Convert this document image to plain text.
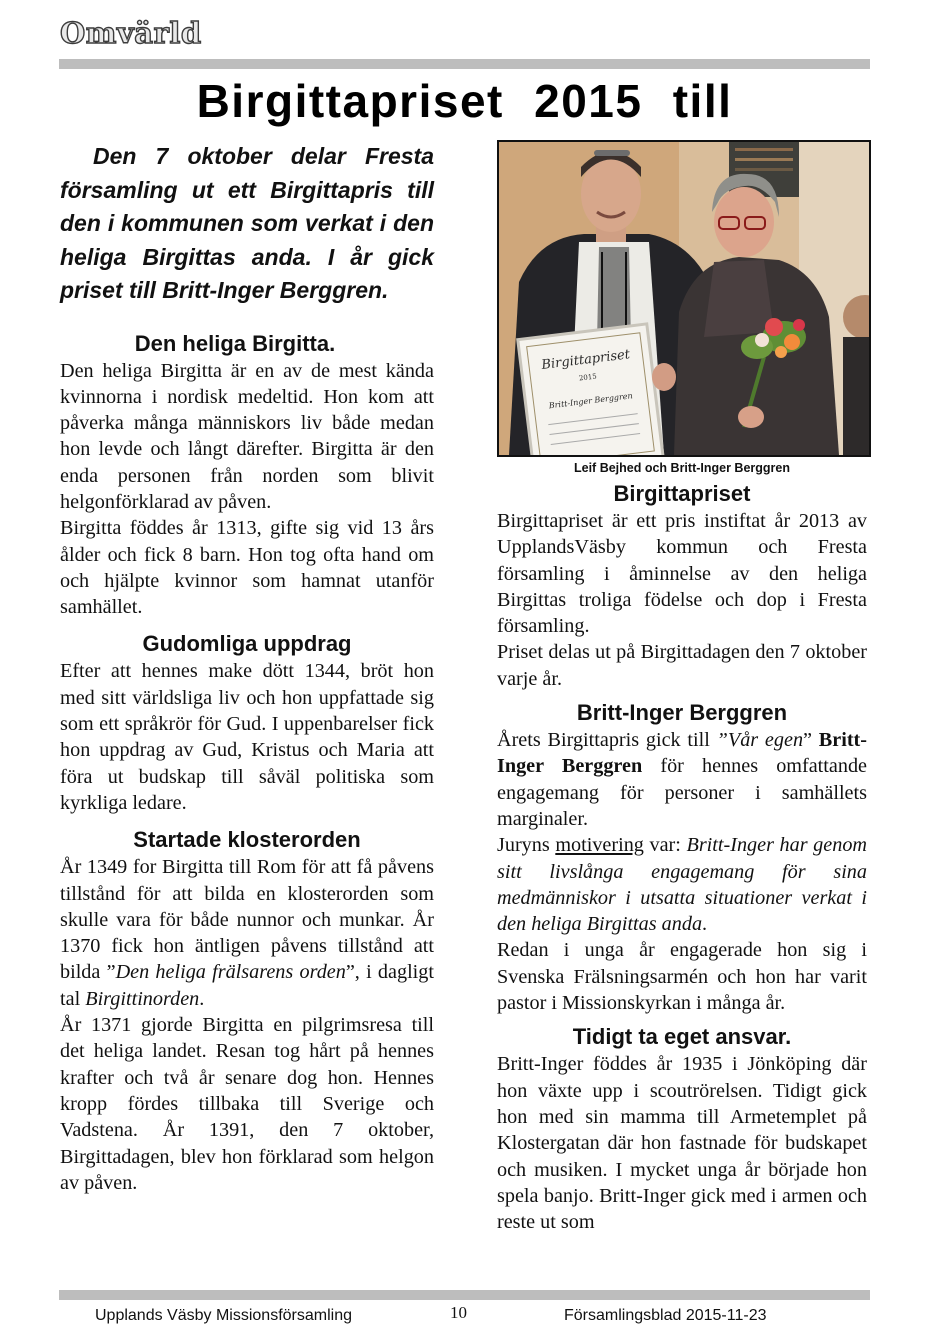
Omvärld
Birgittapriset 2015 till

Den 7 oktober delar Fresta församling ut ett Birgittapris till den i kommunen som verkat i den heliga Birgittas anda. I år gick priset till Britt-Inger Berggren.

Den heliga Birgitta.

Den heliga Birgitta är en av de mest kända kvinnorna i nordisk medeltid. Hon kom att påverka många människors liv både medan hon levde och långt därefter. Birgitta är den enda personen från norden som blivit helgonförklarad av påven.

Birgitta föddes år 1313, gifte sig vid 13 års ålder och fick 8 barn. Hon tog ofta hand om och hjälpte kvinnor som hamnat utanför samhället.

Gudomliga uppdrag

Efter att hennes make dött 1344, bröt hon med sitt världsliga liv och hon uppfattade sig som ett språkrör för Gud. I uppenbarelser fick hon uppdrag av Gud, Kristus och Maria att föra ut budskap till såväl politiska som kyrkliga ledare.

Startade klosterorden

År 1349 for Birgitta till Rom för att få påvens tillstånd för att bilda en klosterorden som skulle vara för både nunnor och munkar. År 1370 fick hon äntligen påvens tillstånd att bilda ”Den heliga frälsarens orden”, i dagligt tal Birgittinorden.

År 1371 gjorde Birgitta en pilgrimsresa till det heliga landet. Resan tog hårt på hennes krafter och två år senare dog hon. Hennes kropp fördes tillbaka till Sverige och Vadstena. År 1391, den 7 oktober, Birgittadagen, blev hon förklarad som helgon av påven.

Birgittapriset
2015
Britt-Inger Berggren

Leif Bejhed och Britt-Inger Berggren

Birgittapriset

Birgittapriset är ett pris instiftat år 2013 av UpplandsVäsby kommun och Fresta församling i åminnelse av den heliga Birgittas troliga födelse och dop i Fresta församling.

Priset delas ut på Birgittadagen den 7 oktober varje år.

Britt-Inger Berggren

Årets Birgittapris gick till ”Vår egen” Britt-Inger Berggren för hennes omfattande engagemang för personer i samhällets marginaler.

Juryns motivering var: Britt-Inger har genom sitt livslånga engagemang för sina medmänniskor i utsatta situationer verkat i den heliga Birgittas anda.

Redan i unga år engagerade hon sig i Svenska Frälsningsarmén och hon har varit pastor i Missionskyrkan i många år.

Tidigt ta eget ansvar.

Britt-Inger föddes år 1935 i Jönköping där hon växte upp i scoutrörelsen. Tidigt gick hon med sin mamma till Armetemplet på Klostergatan där hon fastnade för budskapet och musiken. I mycket unga år började hon spela banjo. Britt-Inger gick med i armen och reste ut som

Upplands Väsby Missionsförsamling	10	Församlingsblad 2015-11-23
